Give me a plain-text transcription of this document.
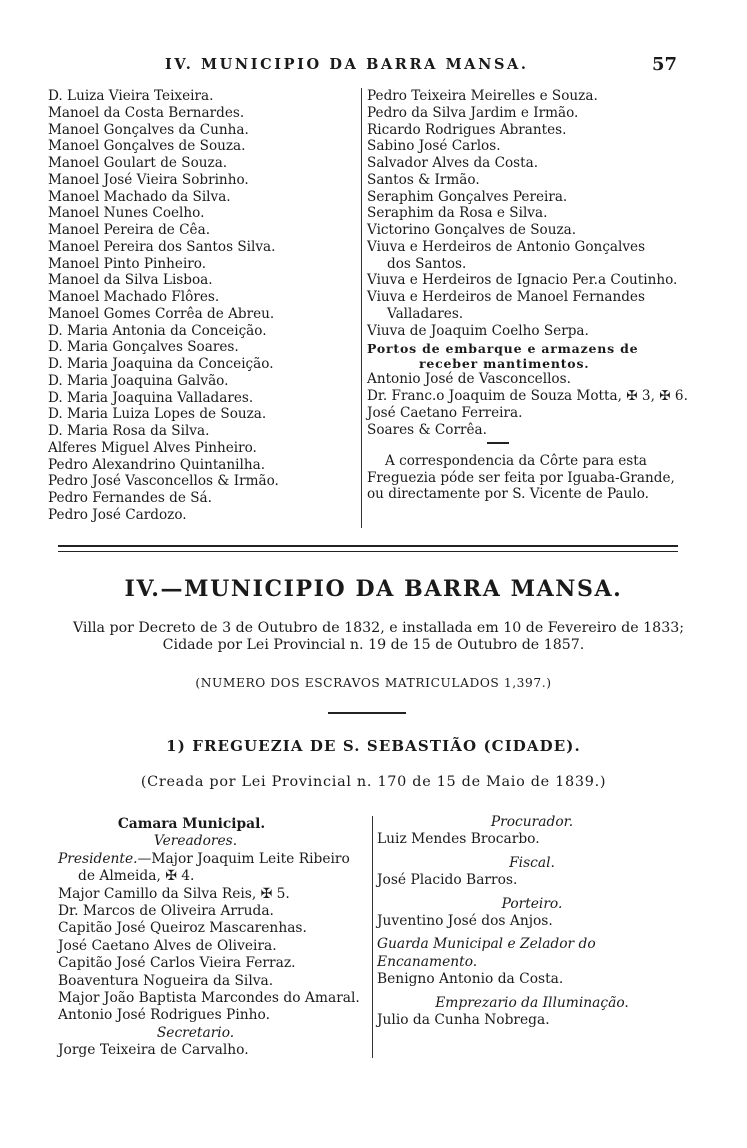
IV. MUNICIPIO DA BARRA MANSA.	57
D. Luiza Vieira Teixeira.
Manoel da Costa Bernardes.
Manoel Gonçalves da Cunha.
Manoel Gonçalves de Souza.
Manoel Goulart de Souza.
Manoel José Vieira Sobrinho.
Manoel Machado da Silva.
Manoel Nunes Coelho.
Manoel Pereira de Cêa.
Manoel Pereira dos Santos Silva.
Manoel Pinto Pinheiro.
Manoel da Silva Lisboa.
Manoel Machado Flôres.
Manoel Gomes Corrêa de Abreu.
D. Maria Antonia da Conceição.
D. Maria Gonçalves Soares.
D. Maria Joaquina da Conceição.
D. Maria Joaquina Galvão.
D. Maria Joaquina Valladares.
D. Maria Luiza Lopes de Souza.
D. Maria Rosa da Silva.
Alferes Miguel Alves Pinheiro.
Pedro Alexandrino Quintanilha.
Pedro José Vasconcellos & Irmão.
Pedro Fernandes de Sá.
Pedro José Cardozo.
Pedro Teixeira Meirelles e Souza.
Pedro da Silva Jardim e Irmão.
Ricardo Rodrigues Abrantes.
Sabino José Carlos.
Salvador Alves da Costa.
Santos & Irmão.
Seraphim Gonçalves Pereira.
Seraphim da Rosa e Silva.
Victorino Gonçalves de Souza.
Viuva e Herdeiros de Antonio Gonçalves
dos Santos.
Viuva e Herdeiros de Ignacio Per.a Coutinho.
Viuva e Herdeiros de Manoel Fernandes
Valladares.
Viuva de Joaquim Coelho Serpa.
Portos de embarque e armazens de
receber mantimentos.
Antonio José de Vasconcellos.
Dr. Franc.o Joaquim de Souza Motta, ✠ 3, ✠ 6.
José Caetano Ferreira.
Soares & Corrêa.
A correspondencia da Côrte para esta
Freguezia póde ser feita por Iguaba-Grande,
ou directamente por S. Vicente de Paulo.
IV.—MUNICIPIO DA BARRA MANSA.
Villa por Decreto de 3 de Outubro de 1832, e installada em 10 de Fevereiro de 1833;
Cidade por Lei Provincial n. 19 de 15 de Outubro de 1857.
(NUMERO DOS ESCRAVOS MATRICULADOS 1,397.)
1) FREGUEZIA DE S. SEBASTIÃO (CIDADE).
(Creada por Lei Provincial n. 170 de 15 de Maio de 1839.)
Camara Municipal.
Vereadores.
Presidente.—Major Joaquim Leite Ribeiro
de Almeida, ✠ 4.
Major Camillo da Silva Reis, ✠ 5.
Dr. Marcos de Oliveira Arruda.
Capitão José Queiroz Mascarenhas.
José Caetano Alves de Oliveira.
Capitão José Carlos Vieira Ferraz.
Boaventura Nogueira da Silva.
Major João Baptista Marcondes do Amaral.
Antonio José Rodrigues Pinho.
Secretario.
Jorge Teixeira de Carvalho.
Procurador.
Luiz Mendes Brocarbo.
Fiscal.
José Placido Barros.
Porteiro.
Juventino José dos Anjos.
Guarda Municipal e Zelador do Encanamento.
Benigno Antonio da Costa.
Emprezario da Illuminação.
Julio da Cunha Nobrega.
